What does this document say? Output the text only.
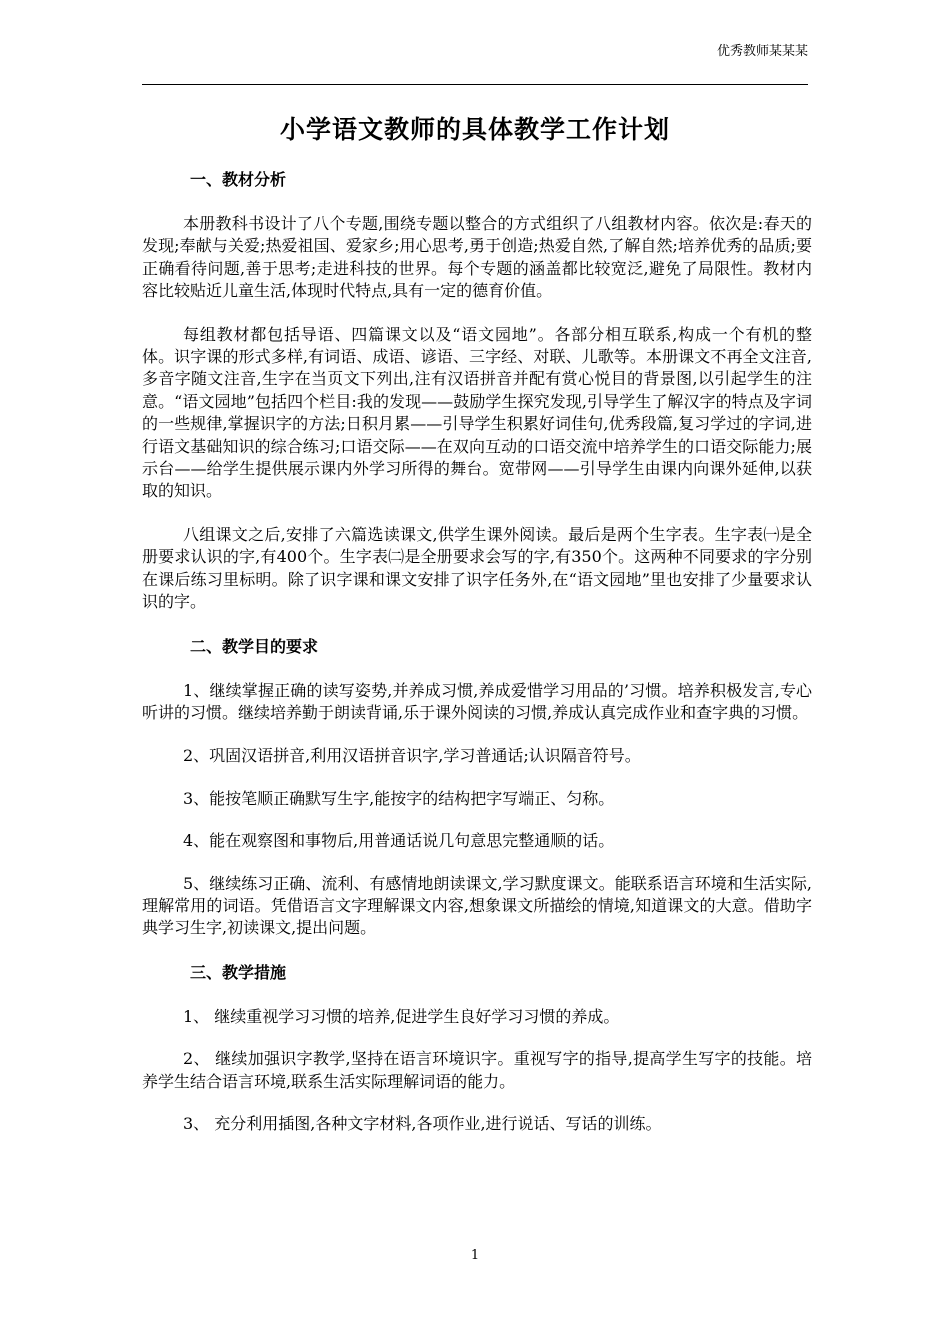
优秀教师某某某
小学语文教师的具体教学工作计划
一、教材分析

本册教科书设计了八个专题,围绕专题以整合的方式组织了八组教材内容。依次是:春天的发现;奉献与关爱;热爱祖国、爱家乡;用心思考,勇于创造;热爱自然,了解自然;培养优秀的品质;要正确看待问题,善于思考;走进科技的世界。每个专题的涵盖都比较宽泛,避免了局限性。教材内容比较贴近儿童生活,体现时代特点,具有一定的德育价值。

每组教材都包括导语、四篇课文以及“语文园地”。各部分相互联系,构成一个有机的整体。识字课的形式多样,有词语、成语、谚语、三字经、对联、儿歌等。本册课文不再全文注音,多音字随文注音,生字在当页文下列出,注有汉语拼音并配有赏心悦目的背景图,以引起学生的注意。“语文园地”包括四个栏目:我的发现——鼓励学生探究发现,引导学生了解汉字的特点及字词的一些规律,掌握识字的方法;日积月累——引导学生积累好词佳句,优秀段篇,复习学过的字词,进行语文基础知识的综合练习;口语交际——在双向互动的口语交流中培养学生的口语交际能力;展示台——给学生提供展示课内外学习所得的舞台。宽带网——引导学生由课内向课外延伸,以获取的知识。

八组课文之后,安排了六篇选读课文,供学生课外阅读。最后是两个生字表。生字表㈠是全册要求认识的字,有400个。生字表㈡是全册要求会写的字,有350个。这两种不同要求的字分别在课后练习里标明。除了识字课和课文安排了识字任务外,在“语文园地”里也安排了少量要求认识的字。

二、教学目的要求

1、继续掌握正确的读写姿势,并养成习惯,养成爱惜学习用品的’习惯。培养积极发言,专心听讲的习惯。继续培养勤于朗读背诵,乐于课外阅读的习惯,养成认真完成作业和查字典的习惯。

2、巩固汉语拼音,利用汉语拼音识字,学习普通话;认识隔音符号。

3、能按笔顺正确默写生字,能按字的结构把字写端正、匀称。

4、能在观察图和事物后,用普通话说几句意思完整通顺的话。

5、继续练习正确、流利、有感情地朗读课文,学习默度课文。能联系语言环境和生活实际,理解常用的词语。凭借语言文字理解课文内容,想象课文所描绘的情境,知道课文的大意。借助字典学习生字,初读课文,提出问题。

三、教学措施

1、 继续重视学习习惯的培养,促进学生良好学习习惯的养成。

2、 继续加强识字教学,坚持在语言环境识字。重视写字的指导,提高学生写字的技能。培养学生结合语言环境,联系生活实际理解词语的能力。

3、 充分利用插图,各种文字材料,各项作业,进行说话、写话的训练。

1
